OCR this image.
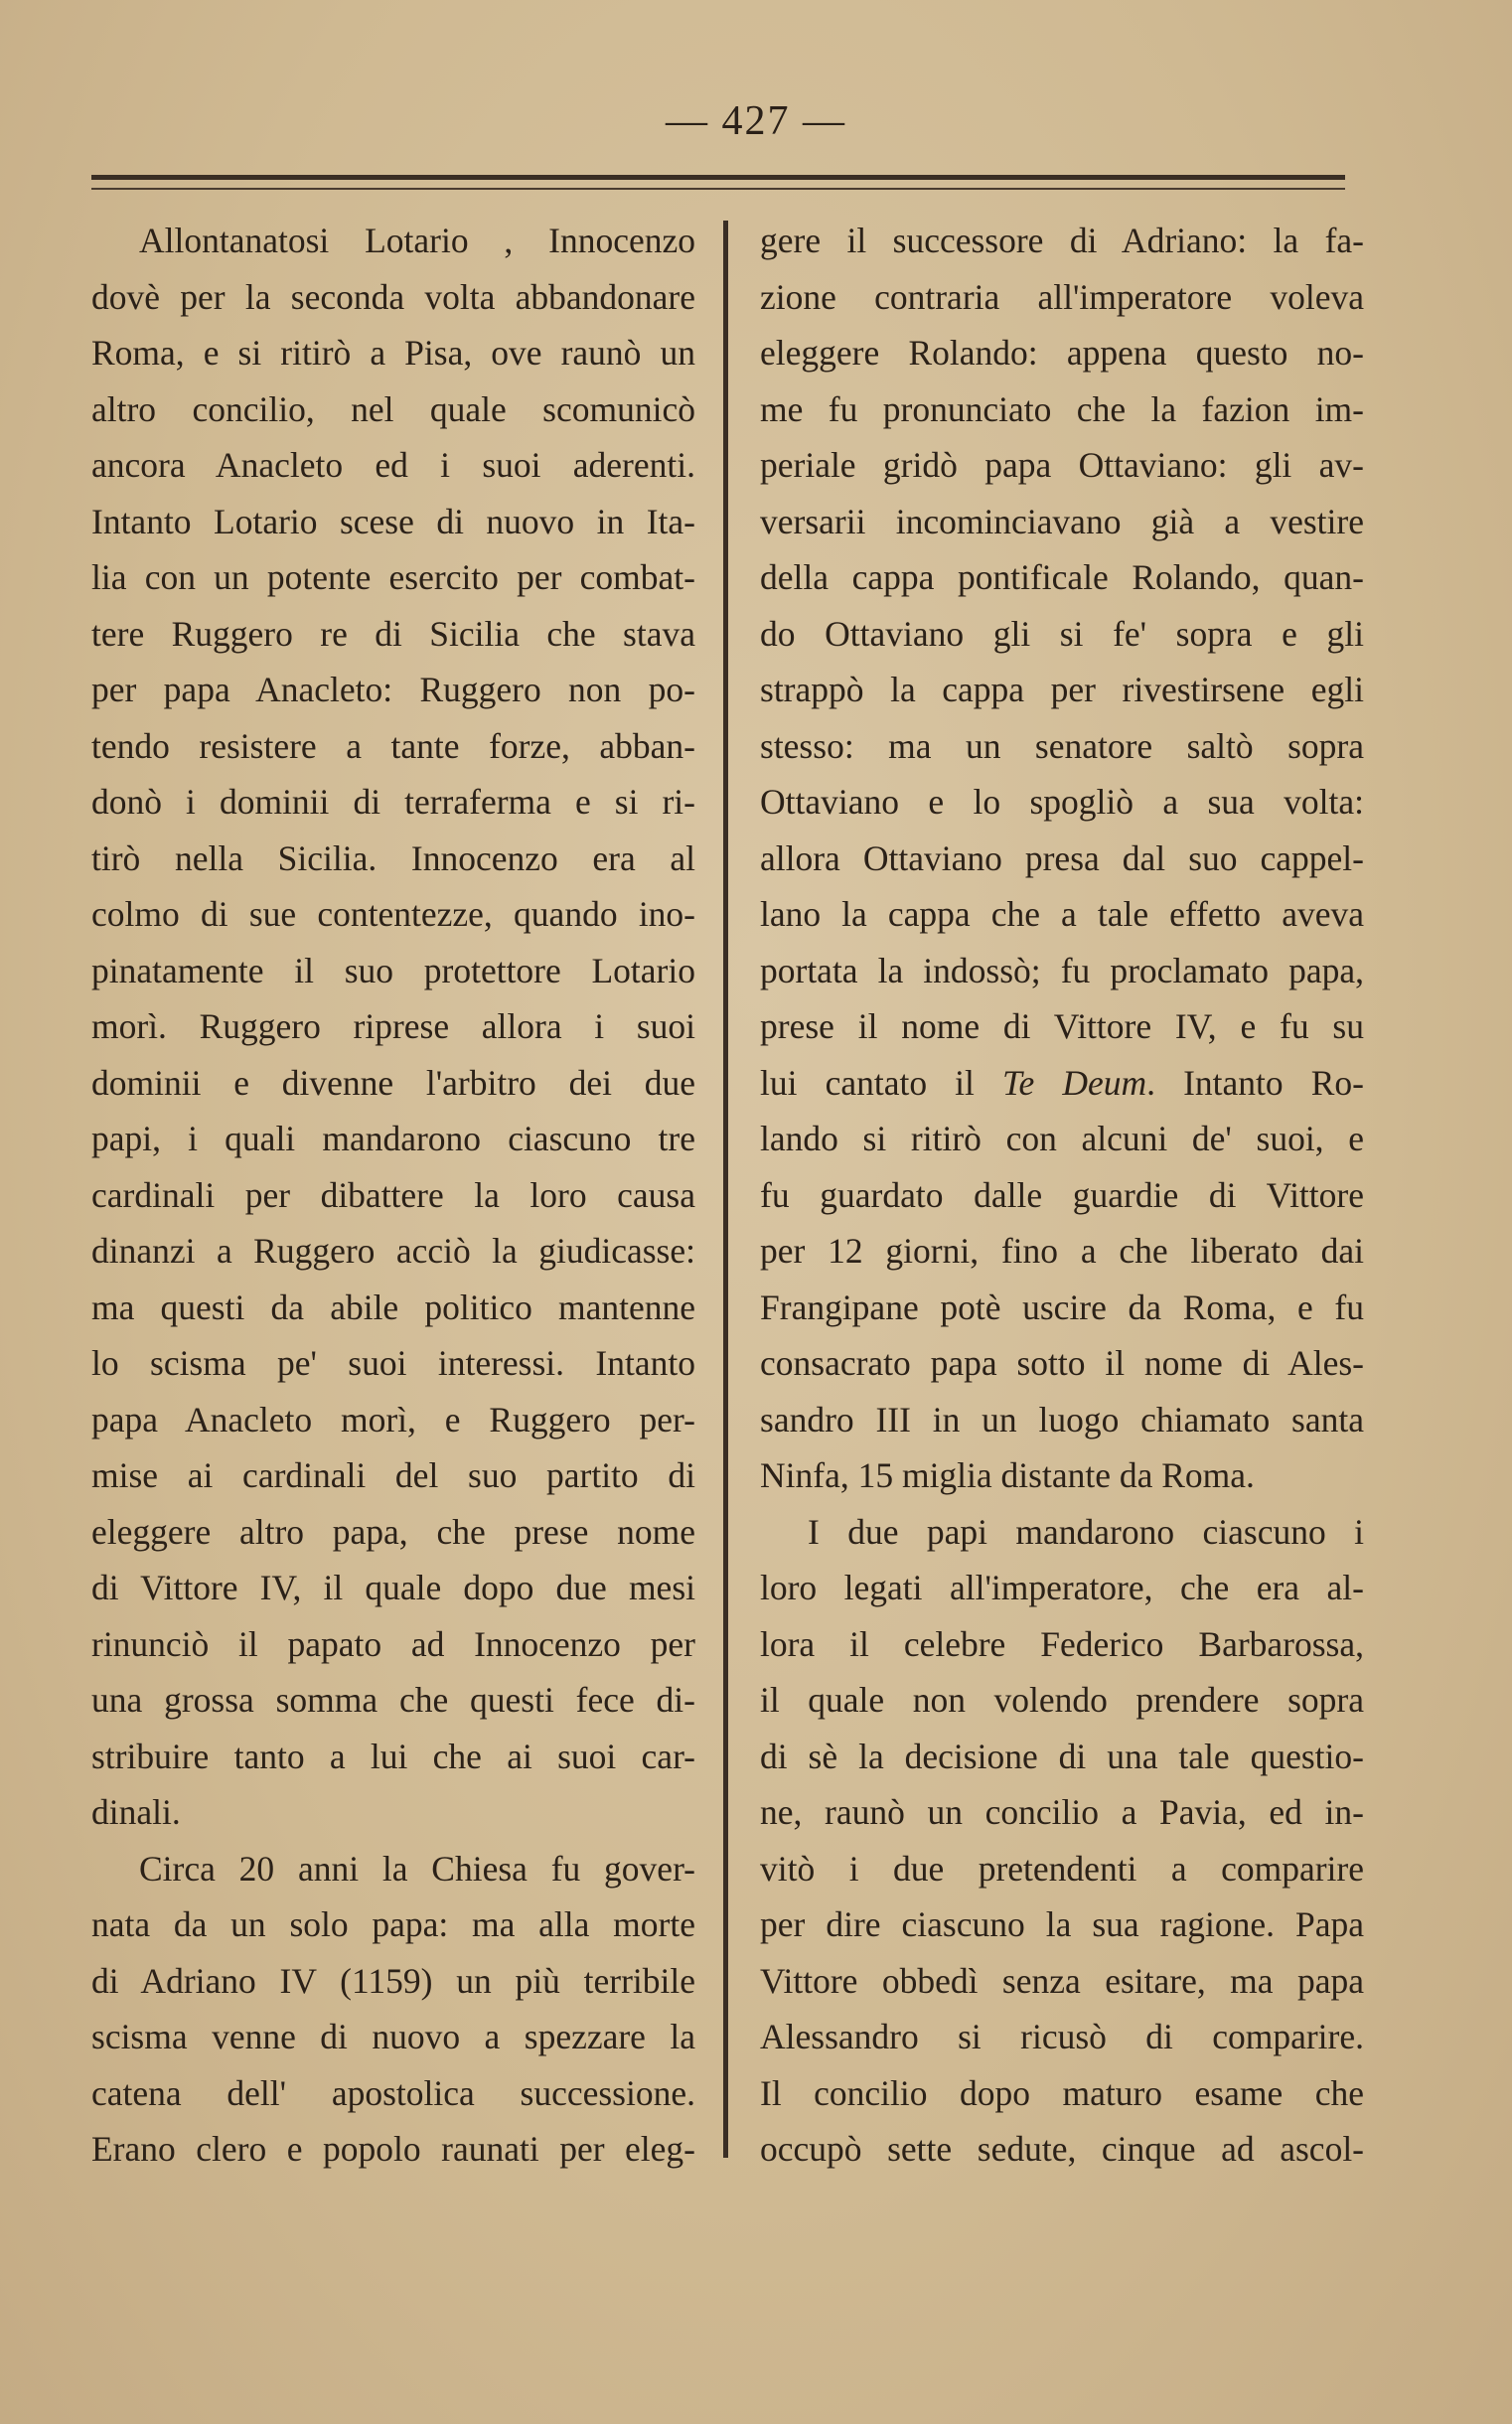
— 427 —
Allontanatosi Lotario , Innocenzo
dovè per la seconda volta abbandonare
Roma, e si ritirò a Pisa, ove raunò un
altro concilio, nel quale scomunicò
ancora Anacleto ed i suoi aderenti.
Intanto Lotario scese di nuovo in Ita-
lia con un potente esercito per combat-
tere Ruggero re di Sicilia che stava
per papa Anacleto: Ruggero non po-
tendo resistere a tante forze, abban-
donò i dominii di terraferma e si ri-
tirò nella Sicilia. Innocenzo era al
colmo di sue contentezze, quando ino-
pinatamente il suo protettore Lotario
morì. Ruggero riprese allora i suoi
dominii e divenne l'arbitro dei due
papi, i quali mandarono ciascuno tre
cardinali per dibattere la loro causa
dinanzi a Ruggero acciò la giudicasse:
ma questi da abile politico mantenne
lo scisma pe' suoi interessi. Intanto
papa Anacleto morì, e Ruggero per-
mise ai cardinali del suo partito di
eleggere altro papa, che prese nome
di Vittore IV, il quale dopo due mesi
rinunciò il papato ad Innocenzo per
una grossa somma che questi fece di-
stribuire tanto a lui che ai suoi car-
dinali.
Circa 20 anni la Chiesa fu gover-
nata da un solo papa: ma alla morte
di Adriano IV (1159) un più terribile
scisma venne di nuovo a spezzare la
catena dell' apostolica successione.
Erano clero e popolo raunati per eleg-
gere il successore di Adriano: la fa-
zione contraria all'imperatore voleva
eleggere Rolando: appena questo no-
me fu pronunciato che la fazion im-
periale gridò papa Ottaviano: gli av-
versarii incominciavano già a vestire
della cappa pontificale Rolando, quan-
do Ottaviano gli si fe' sopra e gli
strappò la cappa per rivestirsene egli
stesso: ma un senatore saltò sopra
Ottaviano e lo spogliò a sua volta:
allora Ottaviano presa dal suo cappel-
lano la cappa che a tale effetto aveva
portata la indossò; fu proclamato papa,
prese il nome di Vittore IV, e fu su
lui cantato il Te Deum. Intanto Ro-
lando si ritirò con alcuni de' suoi, e
fu guardato dalle guardie di Vittore
per 12 giorni, fino a che liberato dai
Frangipane potè uscire da Roma, e fu
consacrato papa sotto il nome di Ales-
sandro III in un luogo chiamato santa
Ninfa, 15 miglia distante da Roma.
I due papi mandarono ciascuno i
loro legati all'imperatore, che era al-
lora il celebre Federico Barbarossa,
il quale non volendo prendere sopra
di sè la decisione di una tale questio-
ne, raunò un concilio a Pavia, ed in-
vitò i due pretendenti a comparire
per dire ciascuno la sua ragione. Papa
Vittore obbedì senza esitare, ma papa
Alessandro si ricusò di comparire.
Il concilio dopo maturo esame che
occupò sette sedute, cinque ad ascol-
